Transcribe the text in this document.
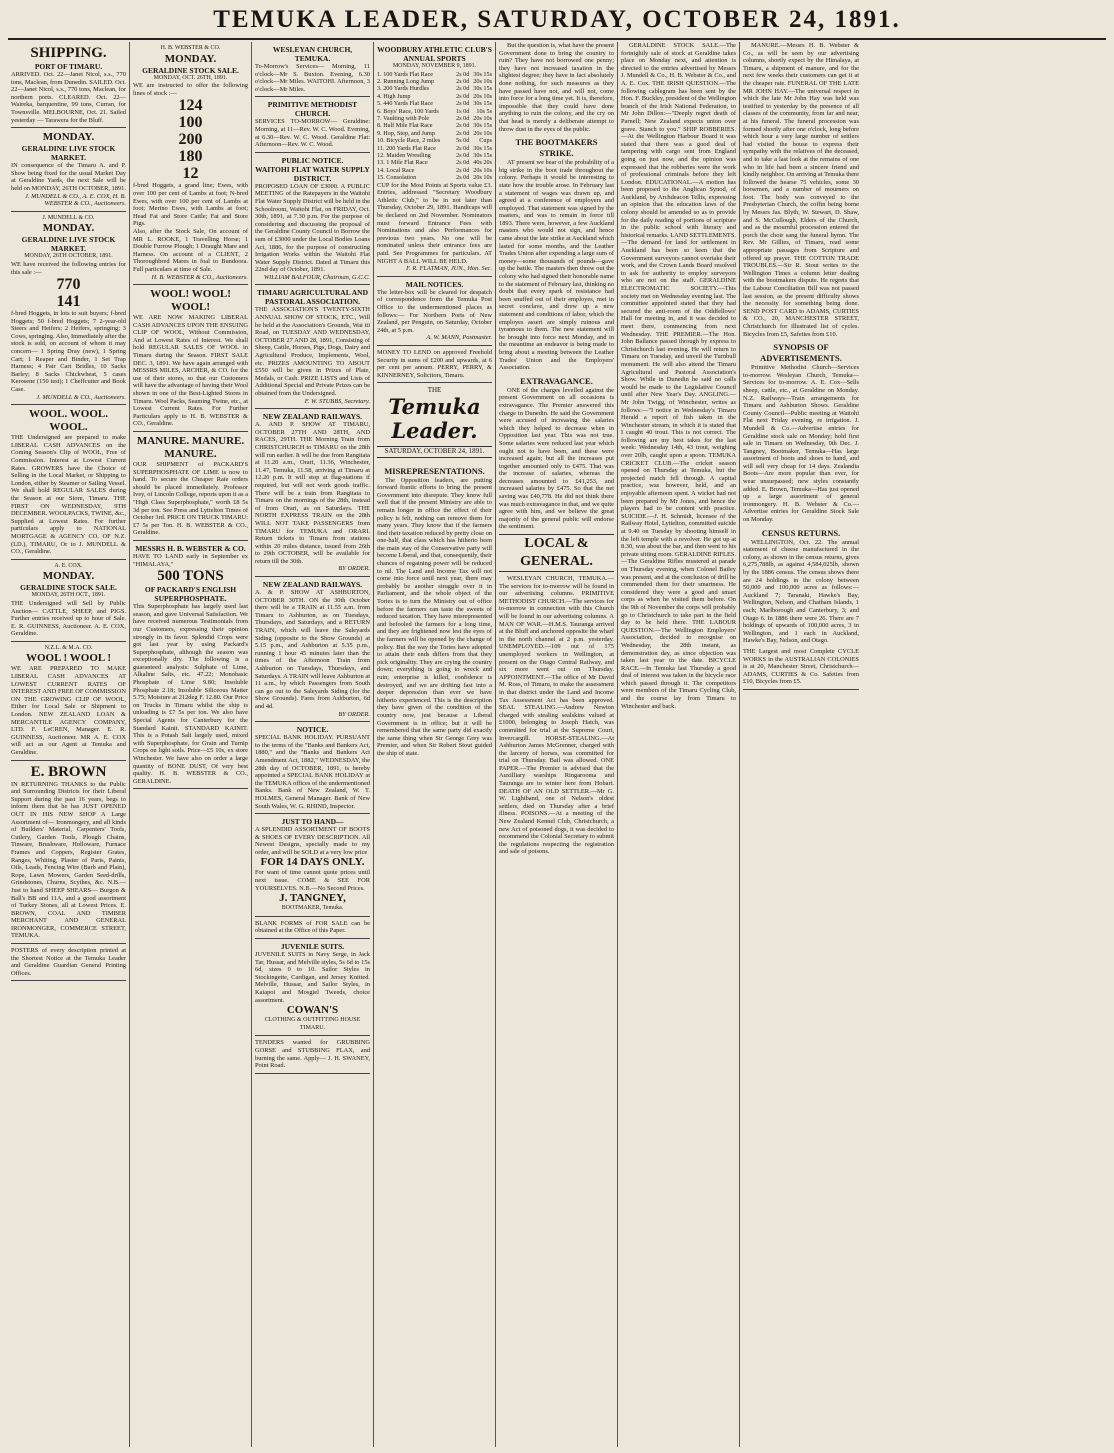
TEMUKA LEADER, SATURDAY, OCTOBER 24, 1891.
SHIPPING.
PORT OF TIMARU.
ARRIVED. Oct. 22—Janet Nicol, s.s., 770 tons, Maclean, from Dunedin. SAILED. Oct. 22—Janet Nicol, s.s., 770 tons, Maclean, for northern ports. CLEARED. Oct. 22—Waireka, barquentine, 99 tons, Curran, for Townsville. MELBOURNE, Oct. 21. Sailed yesterday — Tarawera for the Bluff.
MONDAY.
GERALDINE LIVE STOCK MARKET.
IN consequence of the Timaru A. and P. Show being fixed for the usual Market Day at Geraldine Yards, the next Sale will be held on MONDAY, 26TH OCTOBER, 1891.
J. MUNDELL & CO., A. E. COX, H. B. WEBSTER & CO., Auctioneers.
J. MUNDELL & CO.
MONDAY.
GERALDINE LIVE STOCK MARKET.
MONDAY, 26TH OCTOBER, 1891.
WE have received the following entries for this sale :—
770
141
f-bred Hoggets, in lots to suit buyers; f-bred Hoggets; 50 f-bred Hoggets; 7 2-year-old Steers and Heifers; 2 Heifers, springing; 3 Cows, springing. Also, Immediately after the stock is sold, on account of whom it may concern— 1 Spring Dray (new), 1 Spring Cart; 1 Reaper and Binder, 1 Set Trap Harness; 4 Pair Cart Bridles, 10 Sacks Barley; 8 Sacks Chickwheat, 5 cases Kerosene (150 test); 1 Cheffcutter and Book Case.
J. MUNDELL & CO., Auctioneers.
WOOL. WOOL. WOOL.
THE Undersigned are prepared to make LIBERAL CASH ADVANCES on the Coming Season's Clip of WOOL, Free of Commission. Interest at Lowest Current Rates. GROWERS have the Choice of Selling in the Local Market, or Shipping to London, either by Steamer or Sailing Vessel. We shall hold REGULAR SALES during the Season at our Store, Timaru. THE FIRST ON WEDNESDAY, 9TH DECEMBER. WOOLPACKS, TWINE, &c., Supplied at Lowest Rates. For further particulars apply to NATIONAL MORTGAGE & AGENCY CO. OF N.Z. (LD.), TIMARU, Or to J. MUNDELL & CO., Geraldine.
A. E. COX.
MONDAY.
GERALDINE STOCK SALE.
MONDAY, 26TH OCT., 1891.
THE Undersigned will Sell by Public Auction— CATTLE, SHEEP, and PIGS. Further entries received up to hour of Sale. E. R. GUINNESS, Auctioneer. A. E. COX, Geraldine.
N.Z.L. & M.A. CO.
WOOL ! WOOL !
WE ARE PREPARED TO MAKE LIBERAL CASH ADVANCES AT LOWEST CURRENT RATES OF INTEREST AND FREE OF COMMISSION ON THE GROWING CLIP OF WOOL, Either for Local Sale or Shipment to London. NEW ZEALAND LOAN & MERCANTILE AGENCY COMPANY, LTD. F. LeCREN, Manager. E. R. GUINNESS, Auctioneer. MR A. E. COX will act as our Agent at Temuka and Geraldine.
E. BROWN
IN RETURNING THANKS to the Public and Surrounding Districts for their Liberal Support during the past 16 years, begs to inform them that he has JUST OPENED OUT IN HIS NEW SHOP A Large Assortment of— Ironmongery, and all kinds of Builders' Material, Carpenters' Tools, Cutlery, Garden Tools, Plough Chains, Tinware, Brushware, Holloware, Furnace Frames and Coppers, Register Grates, Ranges, Whiting, Plaster of Paris, Paints, Oils, Leads, Fencing Wire (Barb and Plain), Rope, Lawn Mowers, Garden Seed-drills, Grindstones, Churns, Scythes, &c. N.B.—Just to hand SHEEP SHEARS— Burgon & Ball's BB and 11A, and a good assortment of Turkey Stones, all at Lowest Prices. E. BROWN, COAL AND TIMBER MERCHANT AND GENERAL IRONMONGER, COMMERCE STREET, TEMUKA.
POSTERS of every description printed at the Shortest Notice at the Temuka Leader and Geraldine Guardian General Printing Offices.
H. B. WEBSTER & CO.
MONDAY.
GERALDINE STOCK SALE.
MONDAY, OCT. 26TH, 1891.
WE are instructed to offer the following lines of stock :—
124
100
200
180
12
f-bred Hoggets, a grand line; Ewes, with over 100 per cent of Lambs at foot; N-bred Ewes, with over 100 per cent of Lambs at foot; Merino Ewes, with Lambs at foot; Head Fat and Store Cattle; Fat and Store Pigs.
Also, after the Stock Sale, On account of MR L. ROOKE, 1 Travelling Horse; 1 Double Furrow Plough; 1 Draught Mare and Harness. On account of a CLIENT, 2 Thoroughbred Mares in foal to Bundoora. Full particulars at time of Sale.
H. B. WEBSTER & CO., Auctioneers.
WOOL! WOOL! WOOL!
WE ARE NOW MAKING LIBERAL CASH ADVANCES UPON THE ENSUING CLIP OF WOOL, Without Commission, And at Lowest Rates of Interest. We shall hold REGULAR SALES OF WOOL in Timaru during the Season. FIRST SALE DEC. 3, 1891. We have again arranged with MESSRS MILES, ARCHER, & CO. for the use of their stores, so that our Customers will have the advantage of having their Wool shown in one of the Best-Lighted Stores in Timaru. Wool Packs, Seaming Twine, etc., at Lowest Current Rates. For Further Particulars apply to H. B. WEBSTER & CO., Geraldine.
MANURE. MANURE. MANURE.
OUR SHIPMENT of PACKARD'S SUPERPHOSPHATE OF LIME is now to hand. To secure the Cheaper Rate orders should be placed immediately. Professor Ivey, of Lincoln College, reports upon it as a "High Class Superphosphate," worth £8 5s 3d per ton. See Press and Lyttelton Times of October 3rd. PRICE ON TRUCK TIMARU: £7 5s per Ton. H. B. WEBSTER & CO., Geraldine.
MESSRS H. B. WEBSTER & CO.
HAVE TO LAND early in September ex "HIMALAYA,"
500 TONS
OF PACKARD'S ENGLISH SUPERPHOSPHATE.
This Superphosphate has largely used last season, and gave Universal Satisfaction. We have received numerous Testimonials from our Customers, expressing their opinion strongly in its favor. Splendid Crops were got last year by using Packard's Superphosphate, although the season was exceptionally dry. The following is a guaranteed analysis: Sulphate of Lime, Alkaline Salts, etc. 47.22; Monobasic Phosphate of Lime 9.80; Insoluble Phosphate 2.18; Insoluble Siliceous Matter 5.75; Moisture at 212deg F. 12.80. Our Price on Trucks in Timaru whilst the ship is unloading is £7 5s per ton. We also have Special Agents for Canterbury for the Standard Kainit. STANDARD KAINIT. This is a Potash Salt largely used, mixed with Superphosphate, for Grain and Turnip Crops on light soils. Price—£5 10s, ex store Winchester. We have also on order a large quantity of BONE DUST, Of very best quality. H. B. WEBSTER & CO., GERALDINE.
WESLEYAN CHURCH, TEMUKA.
To-Morrow's Services— Morning, 11 o'clock—Mr S. Buxton. Evening, 6.30 o'clock—Mr Miles. WAITOHI. Afternoon, 3 o'clock—Mr Miles.
PRIMITIVE METHODIST CHURCH.
SERVICES TO-MORROW— Geraldine: Morning, at 11—Rev. W. C. Wood. Evening, at 6.30—Rev. W. C. Wood. Geraldine Flat: Afternoon—Rev. W. C. Wood.
PUBLIC NOTICE.
WAITOHI FLAT WATER SUPPLY DISTRICT.
PROPOSED LOAN OF £3000. A PUBLIC MEETING of the Ratepayers in the Waitohi Flat Water Supply District will be held in the Schoolroom, Waitohi Flat, on FRIDAY, Oct. 30th, 1891, at 7.30 p.m. For the purpose of considering and discussing the proposal of the Geraldine County Council to Borrow the sum of £3000 under the Local Bodies Loans Act, 1886, for the purpose of constructing Irrigation Works within the Waitohi Flat Water Supply District. Dated at Timaru this 22nd day of October, 1891.
WILLIAM BALFOUR, Chairman, G.C.C.
TIMARU AGRICULTURAL AND PASTORAL ASSOCIATION.
THE ASSOCIATION'S TWENTY-SIXTH ANNUAL SHOW OF STOCK, ETC., Will be held at the Association's Grounds, Wai iti Road, on TUESDAY AND WEDNESDAY, OCTOBER 27 AND 28, 1891, Consisting of Sheep, Cattle, Horses, Pigs, Dogs, Dairy and Agricultural Produce, Implements, Wool, etc. PRIZES AMOUNTING TO ABOUT £550 will be given in Prizes of Plate, Medals, or Cash. PRIZE LISTS and Lists of Additional Special and Private Prizes can be obtained from the Undersigned.
F. W. STUBBS, Secretary.
NEW ZEALAND RAILWAYS.
A. AND P. SHOW AT TIMARU, OCTOBER 27TH AND 28TH, AND RACES, 29TH. THE Morning Train from CHRISTCHURCH to TIMARU on the 28th will run earlier. It will be due from Rangitata at 11.20 a.m., Orari, 11.36, Winchester, 11.47, Temuka, 11.58, arriving at Timaru at 12.20 p.m. It will stop at flag-stations if required, but will not work goods traffic. There will be a train from Rangitata to Timaru on the mornings of the 28th, instead of from Orari, as on Saturdays. THE NORTH EXPRESS TRAIN on the 28th WILL NOT TAKE PASSENGERS from TIMARU for TEMUKA and ORARI. Return tickets to Timaru from stations within 20 miles distance, issued from 26th to 29th OCTOBER, will be available for return till the 30th.
BY ORDER.
NEW ZEALAND RAILWAYS.
A. & P. SHOW AT ASHBURTON, OCTOBER 30TH. ON the 30th October there will be a TRAIN at 11.55 a.m. from Timaru to Ashburton, as on Tuesdays, Thursdays, and Saturdays, and a RETURN TRAIN, which will leave the Saleyards Siding (opposite to the Show Grounds) at 5.15 p.m., and Ashburton at 5.35 p.m., running 1 hour 45 minutes later than the times of the Afternoon Train from Ashburton on Tuesdays, Thursdays, and Saturdays. A TRAIN will leave Ashburton at 11 a.m., by which Passengers from South can go out to the Saleyards Siding (for the Show Grounds). Fares from Ashburton, 6d and 4d.
BY ORDER.
NOTICE.
SPECIAL BANK HOLIDAY. PURSUANT to the terms of the "Banks and Bankers Act, 1880," and the "Banks and Bankers Act Amendment Act, 1882," WEDNESDAY, the 28th day of OCTOBER, 1891, is hereby appointed a SPECIAL BANK HOLIDAY at the TEMUKA offices of the undermentioned Banks. Bank of New Zealand, W. T. HOLMES, General Manager. Bank of New South Wales, W. G. RHIND, Inspector.
JUST TO HAND—
A SPLENDID ASSORTMENT OF BOOTS & SHOES OF EVERY DESCRIPTION. All Newest Designs, specially made to my order, and will be SOLD at a very low price
FOR 14 DAYS ONLY.
For want of time cannot quote prices until next issue. COME & SEE FOR YOURSELVES. N.B.—No Second Prices.
J. TANGNEY,
BOOTMAKER, Temuka.
BLANK FORMS of FOR SALE can be obtained at the Office of this Paper.
JUVENILE SUITS.
JUVENILE SUITS in Navy Serge, in Jack Tar, Hussar, and Melville styles, 5s 6d to 15s 6d, sizes 0 to 10. Sailor Styles in Stockingette, Cardigan, and Jersey Knitted. Melville, Hussar, and Sailor Styles, in Kaiapoi and Mosgiel Tweeds, choice assortment.
COWAN'S
CLOTHING & OUTFITTING HOUSE TIMARU.
TENDERS wanted for GRUBBING GORSE and STUBBING FLAX, and burning the same. Apply— J. H. SWANEY, Point Road.
WOODBURY ATHLETIC CLUB'S ANNUAL SPORTS
MONDAY, NOVEMBER 9, 1891.
1. 100 Yards Flat Race	2s 0d	30s 15s
2. Running Long Jump	2s 0d	20s 10s
3. 200 Yards Hurdles	2s 0d	30s 15s
4. High Jump	2s 0d	20s 10s
5. 440 Yards Flat Race	2s 0d	30s 15s
6. Boys' Race, 100 Yards	1s 0d	10s 5s
7. Vaulting with Pole	2s 0d	20s 10s
8. Half Mile Flat Race	2s 0d	30s 15s
9. Hop, Step, and Jump	2s 0d	20s 10s
10. Bicycle Race, 2 miles	5s 0d	Cups
11. 200 Yards Flat Race	2s 0d	30s 15s
12. Maiden Wrestling	2s 0d	30s 15s
13. 1 Mile Flat Race	2s 0d	40s 20s
14. Local Race	2s 0d	20s 10s
15. Consolation	2s 0d	20s 10s
CUP for the Most Points at Sports value £3. Entries, addressed "Secretary Woodbury Athletic Club," to be in not later than Thursday, October 29, 1891. Handicaps will be declared on 2nd November. Nominators must forward Entrance Fees with Nominations and also Performances for previous two years. No one will be nominated unless their entrance fees are paid. See Programmes for particulars. AT NIGHT A BALL WILL BE HELD.
F. R. FLATMAN, JUN., Hon. Sec.
MAIL NOTICES.
The letter-box will be cleared for despatch of correspondence from the Temuka Post Office to the undermentioned places as follows:— For Northern Ports of New Zealand, per Penguin, on Saturday, October 24th, at 5 p.m.
A. W. MANN, Postmaster.
MONEY TO LEND on approved Freehold Security in sums of £200 and upwards, at 6 per cent per annum. PERRY, PERRY, & KINNERNEY, Solicitors, Timaru.
THE
Temuka Leader.
SATURDAY, OCTOBER 24, 1891.
MISREPRESENTATIONS.
The Opposition leaders, are putting forward frantic efforts to bring the present Government into disrepute. They know full well that if the present Ministry are able to remain longer in office the effect of their policy is felt, nothing can remove them for many years. They know that if the farmers find their taxation reduced by pretty close on one-half, that class which has hitherto been the main stay of the Conservative party will become Liberal, and that, consequently, their chances of regaining power will be reduced to nil. The Land and Income Tax will not come into force until next year, there may probably be another struggle over it in Parliament, and the whole object of the Tories is to turn the Ministry out of office before the farmers can taste the sweets of reduced taxation. They have misrepresented and befooled the farmers for a long time, and they are frightened now lest the eyes of the farmers will be opened by the change of policy. But the way the Tories have adopted to attain their ends differs from that they pick originality. They are crying the country down; everything is going to wreck and ruin; enterprise is killed, confidence is destroyed, and we are drifting fast into a deeper depression than ever we have hitherto experienced. This is the description they have given of the condition of the country now, just because a Liberal Government is in office; but it will be remembered that the same party did exactly the same thing when Sir George Grey was Premier, and when Sir Robert Stout guided the ship of state.
But the question is, what have the present Government done to bring the country to ruin? They have not borrowed one penny; they have not increased taxation in the slightest degree; they have in fact absolutely done nothing, for such measures as they have passed have not, and will not, come into force for a long time yet. It is, therefore, impossible that they could have done anything to ruin the colony, and the cry on that head is merely a deliberate attempt to throw dust in the eyes of the public.
THE BOOTMAKERS STRIKE.
AT present we hear of the probability of a big strike in the boot trade throughout the colony. Perhaps it would be interesting to state how the trouble arose. In February last a statement of wages was drawn up, and agreed at a conference of employers and employed. That statement was signed by the masters, and was to remain in force till 1893. There were, however, a few Auckland masters who would not sign, and hence came about the late strike at Auckland which lasted for some months, and the Leather Trades Union after expending a large sum of money—some thousands of pounds—gave up the battle. The masters then threw out the colony who had signed their honorable name to the statement of February last, thinking no doubt that every spark of resistance had been snuffed out of their employes, met in secret conclave, and drew up a new statement and conditions of labor, which the employes assert are simply ruinous and tyrannous to them. The new statement will be brought into force next Monday, and in the meantime an endeavor is being made to bring about a meeting between the Leather Trades' Union and the Employers' Association.
EXTRAVAGANCE.
ONE of the charges levelled against the present Government on all occasions is extravagance. The Premier answered this charge in Dunedin. He said the Government were accused of increasing the salaries which they helped to decrease when in Opposition last year. This was not true. Some salaries were reduced last year which ought not to have been, and these were increased again; but all the increases put together amounted only to £475. That was the increase of salaries, whereas the decreases amounted to £41,253, and increased salaries by £475. So that the net saving was £40,778. He did not think there was much extravagance in that, and we quite agree with him, and we believe the great majority of the general public will endorse the sentiment.
LOCAL & GENERAL.
WESLEYAN CHURCH, TEMUKA.—The services for to-morrow will be found in our advertising columns. PRIMITIVE METHODIST CHURCH.—The services for to-morrow in connection with this Church will be found in our advertising columns. A MAN OF WAR.—H.M.S. Tauranga arrived at the Bluff and anchored opposite the wharf in the north channel at 2 p.m. yesterday. UNEMPLOYED.—109 out of 175 unemployed workers in Wellington, at present on the Otago Central Railway, and six more went out on Thursday. APPOINTMENT.—The office of Mr David M. Ross, of Timaru, to make the assessment in that district under the Land and Income Tax Assessment Act has been approved. SEAL STEALING.—Andrew Newton charged with stealing sealskins valued at £1000, belonging to Joseph Hatch, was committed for trial at the Supreme Court, Invercargill. HORSE-STEALING.—At Ashburton James McGrenner, charged with the larceny of horses, was committed for trial on Thursday. Bail was allowed. ONE PAPER.—The Premier is advised that the Auxilliary warships Ringarooma and Tauranga are to winter here from Hobart. DEATH OF AN OLD SETTLER.—Mr G. W. Lightband, one of Nelson's oldest settlers, died on Thursday after a brief illness. POISONS.—At a meeting of the New Zealand Kennel Club, Christchurch, a new Act of poisoned dogs, it was decided to recommend the Colonial Secretary to submit the regulations respecting the registration and sale of poisons.
GERALDINE STOCK SALE.—The fortnightly sale of stock at Geraldine takes place on Monday next, and attention is directed to the entries advertised by Messrs J. Mundell & Co., H. B. Webster & Co., and A. E. Cox. THE IRISH QUESTION.—The following cablegram has been sent by the Hon. F. Buckley, president of the Wellington branch of the Irish National Federation, to Mr John Dillon:—"Deeply regret death of Parnell; New Zealand expects union over grave. Stanch to you." SHIP ROBBERIES.—At the Wellington Harbour Board it was stated that there was a good deal of tampering with cargo sent from England going on just now, and the opinion was expressed that the robberies were the work of professional criminals before they left London. EDUCATIONAL.—A motion has been proposed to the Anglican Synod, of Auckland, by Archdeacon Tellis, expressing an opinion that the education laws of the colony should be amended so as to provide for the daily reading of portions of scripture in the public school with literary and historical remarks. LAND SETTLEMENTS.—The demand for land for settlement in Auckland has been so keen that the Government surveyors cannot overtake their work, and the Crown Lands Board resolved to ask for authority to employ surveyors who are not on the staff. GERALDINE ELECTROMATIC SOCIETY.—This society met on Wednesday evening last. The committee appointed stated that they had secured the anti-room of the Oddfellows' Hall for meeting in, and it was decided to meet there, commencing from next Wednesday. THE PREMIER.—The Hon. John Ballance passed through by express to Christchurch last evening. He will return to Timaru on Tuesday, and unveil the Turnbull monument. He will also attend the Timaru Agricultural and Pastoral Association's Show. While in Dunedin he said no calls would be made to the Legislative Council until after New Year's Day. ANGLING.—Mr John Twigg, of Winchester, writes as follows:—"I notice in Wednesday's Timaru Herald a report of fish taken in the Winchester stream, in which it is stated that I caught 40 trout. This is not correct. The following are my best takes for the last week: Wednesday 14th, 43 trout, weighing over 20lb, caught upon a spoon. TEMUKA CRICKET CLUB.—The cricket season opened on Thursday at Temuka, but the projected match fell through. A capital practice, was however, held, and an enjoyable afternoon spent. A wicket had not been prepared by Mr Jones, and hence the players had to be content with practice. SUICIDE.—J. H. Schmidt, licensee of the Railway Hotel, Lyttelton, committed suicide at 9.40 on Tuesday by shooting himself in the left temple with a revolver. He got up at 8.30, was about the bar, and then went to his private sitting room. GERALDINE RIFLES.—The Geraldine Rifles mustered at parade on Thursday evening, when Colonel Bailey was present, and at the conclusion of drill he commended them for their smartness. He considered they were a good and smart corps as when he visited them before. On the 9th of November the corps will probably go to Christchurch to take part in the field day to be held there. THE LABOUR QUESTION.—The Wellington Employers' Association, decided to recognise on Wednesday, the 28th instant, as demonstration day, as since objection was taken last year to the date. BICYCLE RACE.—In Temuka last Thursday a good deal of interest was taken in the bicycle race which passed through it. The competitors were members of the Timaru Cycling Club, and the course lay from Timaru to Winchester and back.
MANURE.—Messrs H. B. Webster & Co., as will be seen by our advertising columns, shortly expect by the Himalaya, at Timaru, a shipment of manure, and for the next few weeks their customers can get it at the cheaper rate. FUNERAL OF THE LATE MR JOHN HAY.—The universal respect in which the late Mr John Hay was held was testified to yesterday by the presence of all classes of the community, from far and near, at his funeral. The funeral procession was formed shortly after one o'clock, long before which hour a very large number of settlers had visited the house to express their sympathy with the relatives of the deceased, and to take a last look at the remains of one who in life had been a sincere friend and kindly neighbor. On arriving at Temuka there followed the hearse 75 vehicles, some 30 horsemen, and a number of mourners on foot. The body was conveyed to the Presbyterian Church, the coffin being borne by Messrs Jas. Blyth, W. Stewart, D. Shaw, and S. McCullough, Elders of the Church, and as the mournful procession entered the porch the choir sang the funeral hymn. The Rev. Mr Gillies, of Timaru, read some appropriate passages from Scripture and offered up prayer. THE COTTON TRADE TROUBLES.—Sir R. Stout writes to the Wellington Times a column letter dealing with the bootmakers dispute. He regrets that the Labour Conciliation Bill was not passed last session, as the present difficulty shows the necessity for something being done. SEND POST CARD to ADAMS, CURTIES & CO., 20, MANCHESTER STREET, Christchurch for illustrated list of cycles. Bicycles from £5, Safeties from £10.
SYNOPSIS OF ADVERTISEMENTS.
Primitive Methodist Church—Services to-morrow. Wesleyan Church, Temuka—Services for to-morrow. A. E. Cox—Sells sheep, cattle, etc., at Geraldine on Monday. N.Z. Railways—Train arrangements for Timaru and Ashburton Shows. Geraldine County Council—Public meeting at Waitohi Flat next Friday evening, re irrigation. J. Mundell & Co.—Advertise entries for Geraldine stock sale on Monday; hold first sale in Timaru on Wednesday, 9th Dec. J. Tangney, Bootmaker, Temuka—Has large assortment of boots and shoes to hand, and will sell very cheap for 14 days. Zealandia Boots—Are more popular than ever, for wear unsurpassed; new styles constantly added. E. Brown, Temuka—Has just opened up a large assortment of general ironmongery. H. B. Webster & Co.—Advertise entries for Geraldine Stock Sale on Monday.
CENSUS RETURNS.
WELLINGTON, Oct. 22. The annual statement of cheese manufactured in the colony, as shown in the census returns, gives 6,275,788lb, as against 4,584,025lb, shown by the 1886 census. The census shows there are 24 holdings in the colony between 50,000 and 100,000 acres as follows:—Auckland 7; Taranaki, Hawke's Bay, Wellington, Nelson, and Chatham Islands, 1 each; Marlborough and Canterbury, 3; and Otago 6. In 1886 there were 26. There are 7 holdings of upwards of 100,000 acres, 3 in Wellington, and 1 each in Auckland, Hawke's Bay, Nelson, and Otago.
THE Largest and most Complete CYCLE WORKS in the AUSTRALIAN COLONIES is at 20, Manchester Street, Christchurch—ADAMS, CURTIES & Co. Safeties from £10, Bicycles from £5.
